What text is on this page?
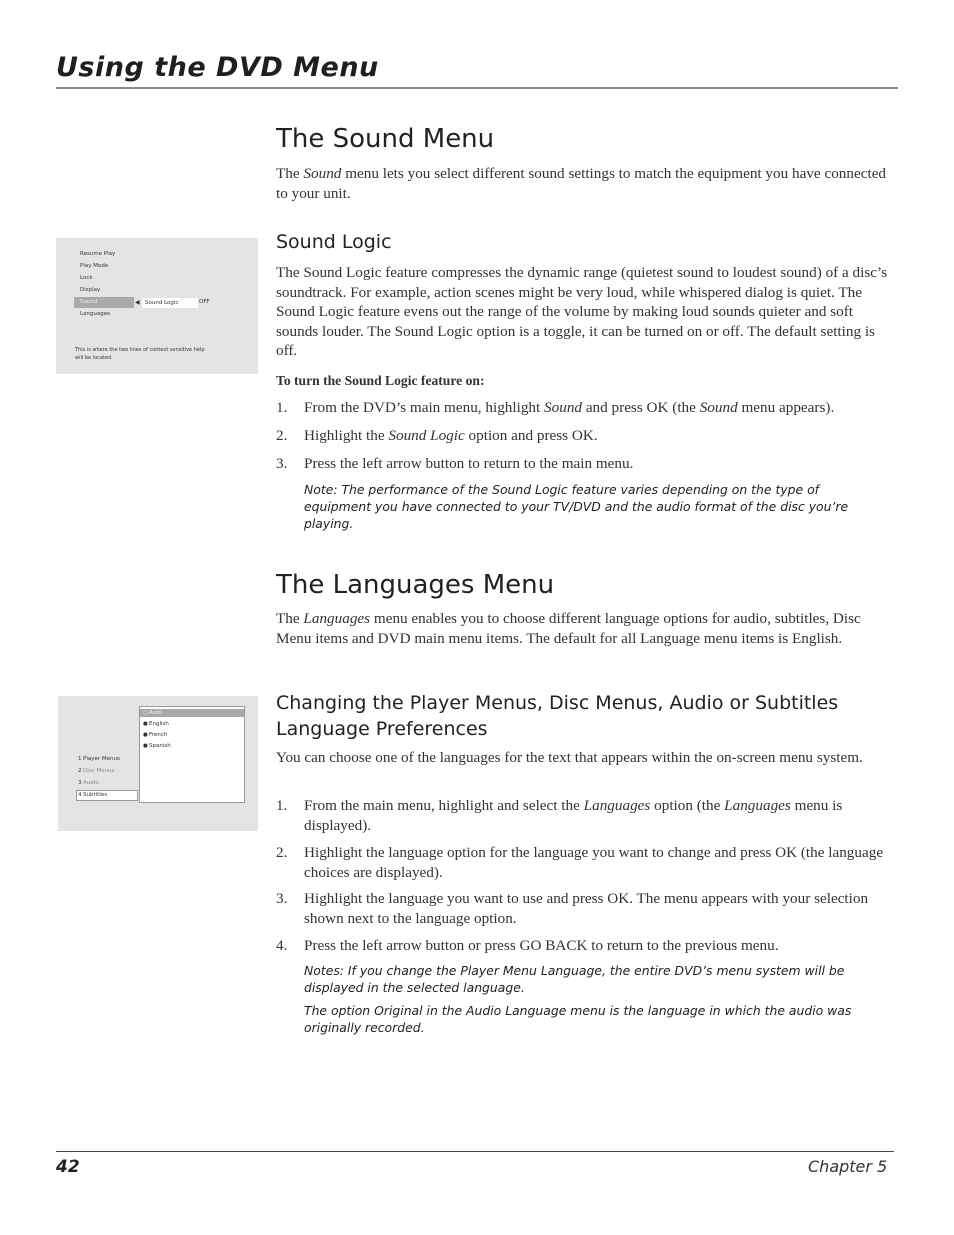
Using the DVD Menu
The Sound Menu
The Sound menu lets you select different sound settings to match the equipment you have connected to your unit.
Sound Logic
The Sound Logic feature compresses the dynamic range (quietest sound to loudest sound) of a disc’s soundtrack. For example, action scenes might be very loud, while whispered dialog is quiet. The Sound Logic feature evens out the range of the volume by making loud sounds quieter and soft sounds louder. The Sound Logic option is a toggle, it can be turned on or off. The default setting is off.
To turn the Sound Logic feature on:
1. From the DVD’s main menu, highlight Sound and press OK (the Sound menu appears).
2. Highlight the Sound Logic option and press OK.
3. Press the left arrow button to return to the main menu.
Note: The performance of the Sound Logic feature varies depending on the type of equipment you have connected to your TV/DVD and the audio format of the disc you’re playing.
Resume Play
Play Mode
Lock
Display
Sound	◀ Sound Logic	OFF
Languages
This is where the two lines of context sensitive help
will be located.
The Languages Menu
The Languages menu enables you to choose different language options for audio, subtitles, Disc Menu items and DVD main menu items. The default for all Language menu items is English.
Changing the Player Menus, Disc Menus, Audio or Subtitles
Language Preferences
You can choose one of the languages for the text that appears within the on-screen menu system.
1. From the main menu, highlight and select the Languages option (the Languages menu is displayed).
2. Highlight the language option for the language you want to change and press OK (the language choices are displayed).
3. Highlight the language you want to use and press OK. The menu appears with your selection shown next to the language option.
4. Press the left arrow button or press GO BACK to return to the previous menu.
Notes: If you change the Player Menu Language, the entire DVD’s menu system will be displayed in the selected language.
The option Original in the Audio Language menu is the language in which the audio was originally recorded.
○ Auto
● English
● French
● Spanish
1 Player Menus
2 Disc Menus
3 Audio
4 Subtitles
42	Chapter 5
